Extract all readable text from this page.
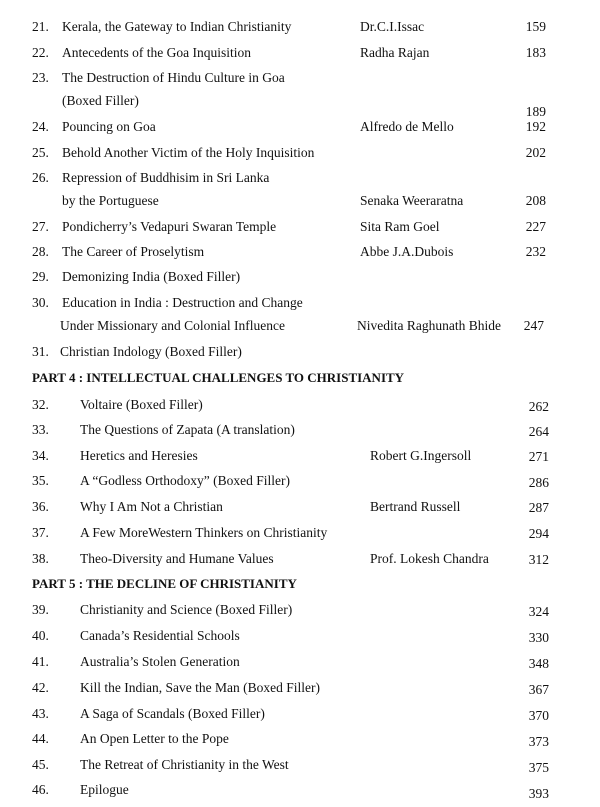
21. Kerala, the Gateway to Indian Christianity	Dr.C.I.Issac	159
22. Antecedents of the Goa Inquisition	Radha Rajan	183
23. The Destruction of Hindu Culture in Goa
(Boxed Filler)
189
24. Pouncing on Goa	Alfredo de Mello	192
25. Behold Another Victim of the Holy Inquisition	202
26. Repression of Buddhisim in Sri Lanka
by the Portuguese	Senaka Weeraratna	208
27. Pondicherry’s Vedapuri Swaran Temple	Sita Ram Goel	227
28. The Career of Proselytism	Abbe J.A.Dubois	232
29. Demonizing India (Boxed Filler)
30. Education in India : Destruction and Change
Under Missionary and Colonial Influence	Nivedita Raghunath Bhide 247
31. Christian Indology (Boxed Filler)
PART 4 : INTELLECTUAL CHALLENGES TO CHRISTIANITY
32. Voltaire (Boxed Filler)	262
33. The Questions of Zapata (A translation)	264
34. Heretics and Heresies	Robert G.Ingersoll	271
35. A “Godless Orthodoxy” (Boxed Filler)	286
36. Why I Am Not a Christian	Bertrand Russell	287
37. A Few MoreWestern Thinkers on Christianity	294
38. Theo-Diversity and Humane Values	Prof. Lokesh Chandra	312
PART 5 : THE DECLINE OF CHRISTIANITY
39. Christianity and Science (Boxed Filler)	324
40. Canada’s Residential Schools	330
41. Australia’s Stolen Generation	348
42. Kill the Indian, Save the Man (Boxed Filler)	367
43. A Saga of Scandals (Boxed Filler)	370
44. An Open Letter to the Pope	373
45. The Retreat of Christianity in the West	375
46. Epilogue	393
